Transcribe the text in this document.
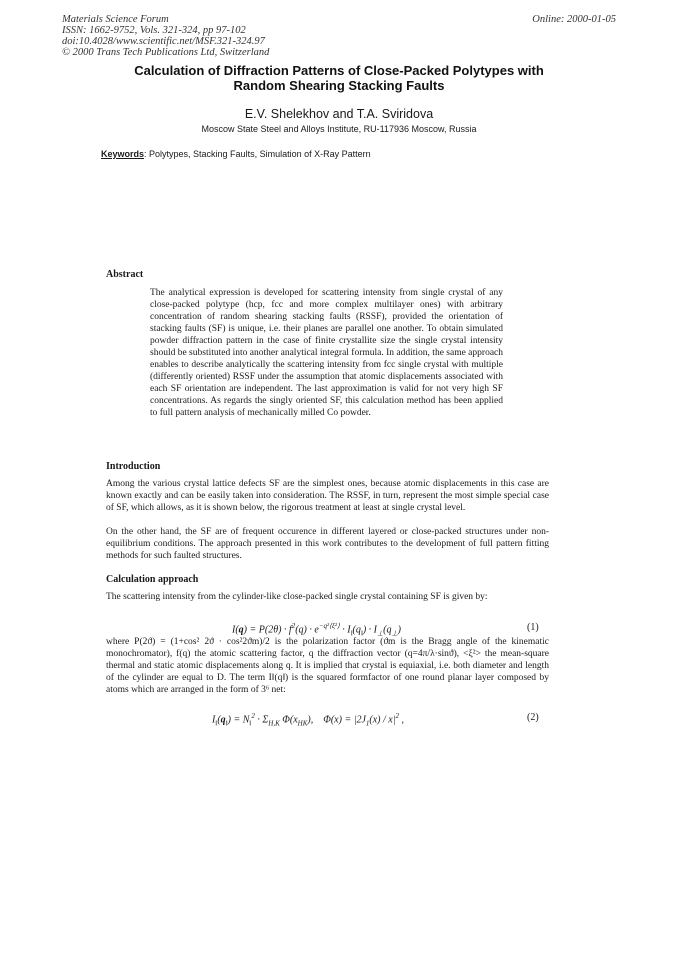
Materials Science Forum
ISSN: 1662-9752, Vols. 321-324, pp 97-102
doi:10.4028/www.scientific.net/MSF.321-324.97
© 2000 Trans Tech Publications Ltd, Switzerland
Online: 2000-01-05
Calculation of Diffraction Patterns of Close-Packed Polytypes with
Random Shearing Stacking Faults
E.V. Shelekhov and T.A. Sviridova
Moscow State Steel and Alloys Institute, RU-117936 Moscow, Russia
Keywords: Polytypes, Stacking Faults, Simulation of X-Ray Pattern
Abstract
The analytical expression is developed for scattering intensity from single crystal of any close-packed polytype (hcp, fcc and more complex multilayer ones) with arbitrary concentration of random shearing stacking faults (RSSF), provided the orientation of stacking faults (SF) is unique, i.e. their planes are parallel one another. To obtain simulated powder diffraction pattern in the case of finite crystallite size the single crystal intensity should be substituted into another analytical integral formula. In addition, the same approach enables to describe analytically the scattering intensity from fcc single crystal with multiple (differently oriented) RSSF under the assumption that atomic displacements associated with each SF orientation are independent. The last approximation is valid for not very high SF concentrations. As regards the singly oriented SF, this calculation method has been applied to full pattern analysis of mechanically milled Co powder.
Introduction
Among the various crystal lattice defects SF are the simplest ones, because atomic displacements in this case are known exactly and can be easily taken into consideration. The RSSF, in turn, represent the most simple special case of SF, which allows, as it is shown below, the rigorous treatment at least at single crystal level.
On the other hand, the SF are of frequent occurence in different layered or close-packed structures under non-equilibrium conditions. The approach presented in this work contributes to the development of full pattern fitting methods for such faulted structures.
Calculation approach
The scattering intensity from the cylinder-like close-packed single crystal containing SF is given by:
$I(q) = P(2\theta) \cdot f^2(q) \cdot e^{-q^2⟨\xi^2⟩} \cdot I_‖(q_‖) \cdot I_\perp(q_\perp)$	(1)
where P(2ϑ) = (1+cos² 2ϑ · cos²2ϑm)/2 is the polarization factor (ϑm is the Bragg angle of the kinematic monochromator), f(q) the atomic scattering factor, q the diffraction vector (q=4π/λ·sinϑ), <ξ²> the mean-square thermal and static atomic displacements along q. It is implied that crystal is equiaxial, i.e. both diameter and length of the cylinder are equal to D. The term I‖(q‖) is the squared formfactor of one round planar layer composed by atoms which are arranged in the form of 3⁶ net:
$I_‖(q_‖) = N_‖^2 \cdot \Sigma_{H,K}$ $\Phi(x_{HK})$,    $\Phi(x) = |2J_1(x) / x|^2$ ,	(2)
